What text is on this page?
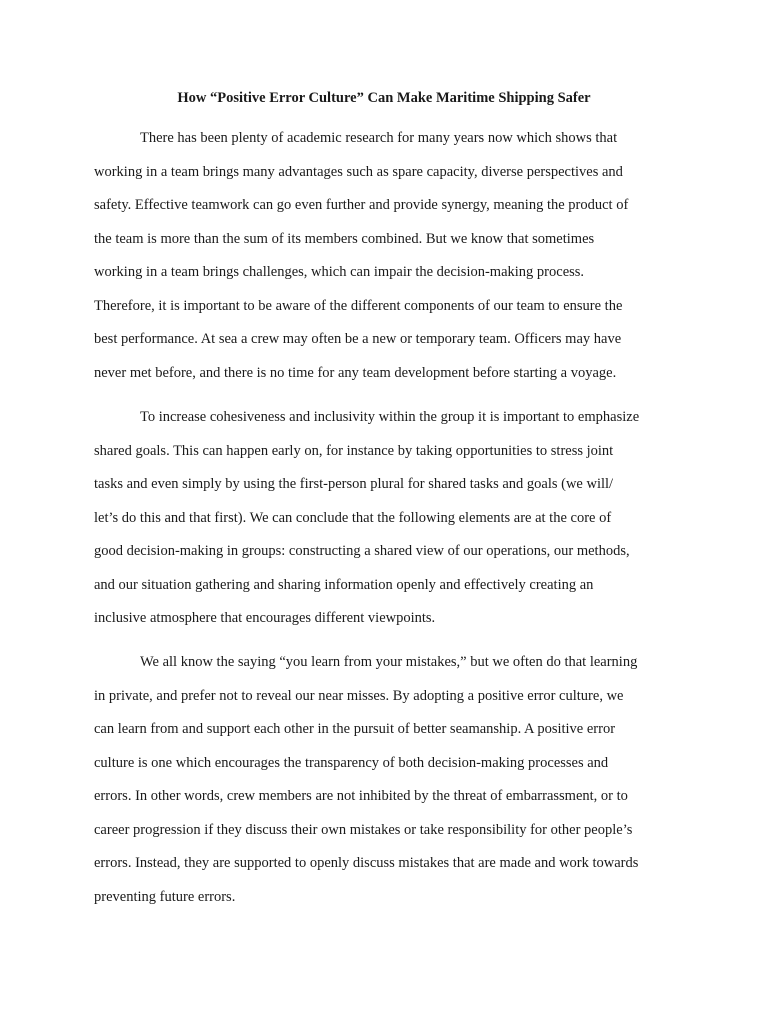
How “Positive Error Culture” Can Make Maritime Shipping Safer
There has been plenty of academic research for many years now which shows that
working in a team brings many advantages such as spare capacity, diverse perspectives and
safety. Effective teamwork can go even further and provide synergy, meaning the product of
the team is more than the sum of its members combined. But we know that sometimes
working in a team brings challenges, which can impair the decision-making process.
Therefore, it is important to be aware of the different components of our team to ensure the
best performance. At sea a crew may often be a new or temporary team. Officers may have
never met before, and there is no time for any team development before starting a voyage.
To increase cohesiveness and inclusivity within the group it is important to emphasize
shared goals. This can happen early on, for instance by taking opportunities to stress joint
tasks and even simply by using the first-person plural for shared tasks and goals (we will/
let’s do this and that first). We can conclude that the following elements are at the core of
good decision-making in groups: constructing a shared view of our operations, our methods,
and our situation gathering and sharing information openly and effectively creating an
inclusive atmosphere that encourages different viewpoints.
We all know the saying “you learn from your mistakes,” but we often do that learning
in private, and prefer not to reveal our near misses. By adopting a positive error culture, we
can learn from and support each other in the pursuit of better seamanship. A positive error
culture is one which encourages the transparency of both decision-making processes and
errors. In other words, crew members are not inhibited by the threat of embarrassment, or to
career progression if they discuss their own mistakes or take responsibility for other people’s
errors. Instead, they are supported to openly discuss mistakes that are made and work towards
preventing future errors.
